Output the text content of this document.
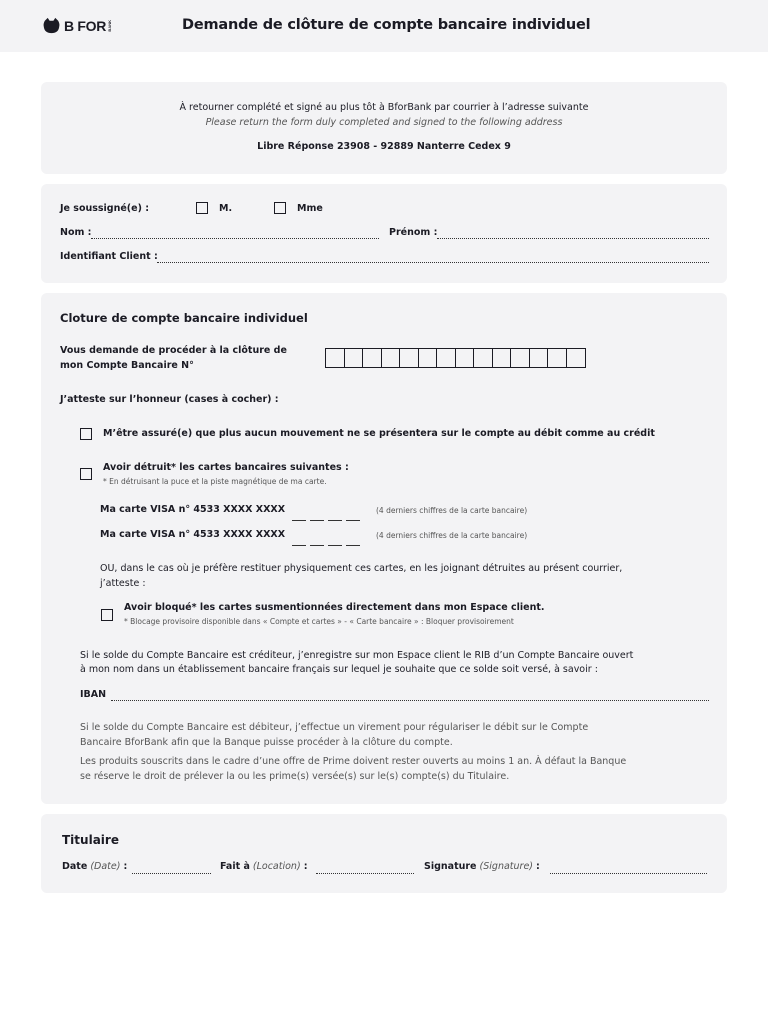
B FOR BANK	Demande de clôture de compte bancaire individuel
À retourner complété et signé au plus tôt à BforBank par courrier à l’adresse suivante
Please return the form duly completed and signed to the following address
Libre Réponse 23908 - 92889 Nanterre Cedex 9
Je soussigné(e) :	M.	Mme
Nom :	Prénom :
Identifiant Client :
Cloture de compte bancaire individuel
Vous demande de procéder à la clôture de
mon Compte Bancaire N°
J’atteste sur l’honneur (cases à cocher) :
M’être assuré(e) que plus aucun mouvement ne se présentera sur le compte au débit comme au crédit
Avoir détruit* les cartes bancaires suivantes :
* En détruisant la puce et la piste magnétique de ma carte.
Ma carte VISA n° 4533 XXXX XXXX	(4 derniers chiffres de la carte bancaire)
Ma carte VISA n° 4533 XXXX XXXX	(4 derniers chiffres de la carte bancaire)
OU, dans le cas où je préfère restituer physiquement ces cartes, en les joignant détruites au présent courrier,
j’atteste :
Avoir bloqué* les cartes susmentionnées directement dans mon Espace client.
* Blocage provisoire disponible dans « Compte et cartes » - « Carte bancaire » : Bloquer provisoirement
Si le solde du Compte Bancaire est créditeur, j’enregistre sur mon Espace client le RIB d’un Compte Bancaire ouvert
à mon nom dans un établissement bancaire français sur lequel je souhaite que ce solde soit versé, à savoir :
IBAN
Si le solde du Compte Bancaire est débiteur, j’effectue un virement pour régulariser le débit sur le Compte
Bancaire BforBank afin que la Banque puisse procéder à la clôture du compte.
Les produits souscrits dans le cadre d’une offre de Prime doivent rester ouverts au moins 1 an. À défaut la Banque
se réserve le droit de prélever la ou les prime(s) versée(s) sur le(s) compte(s) du Titulaire.
Titulaire
Date (Date) :	Fait à (Location) :	Signature (Signature) :
